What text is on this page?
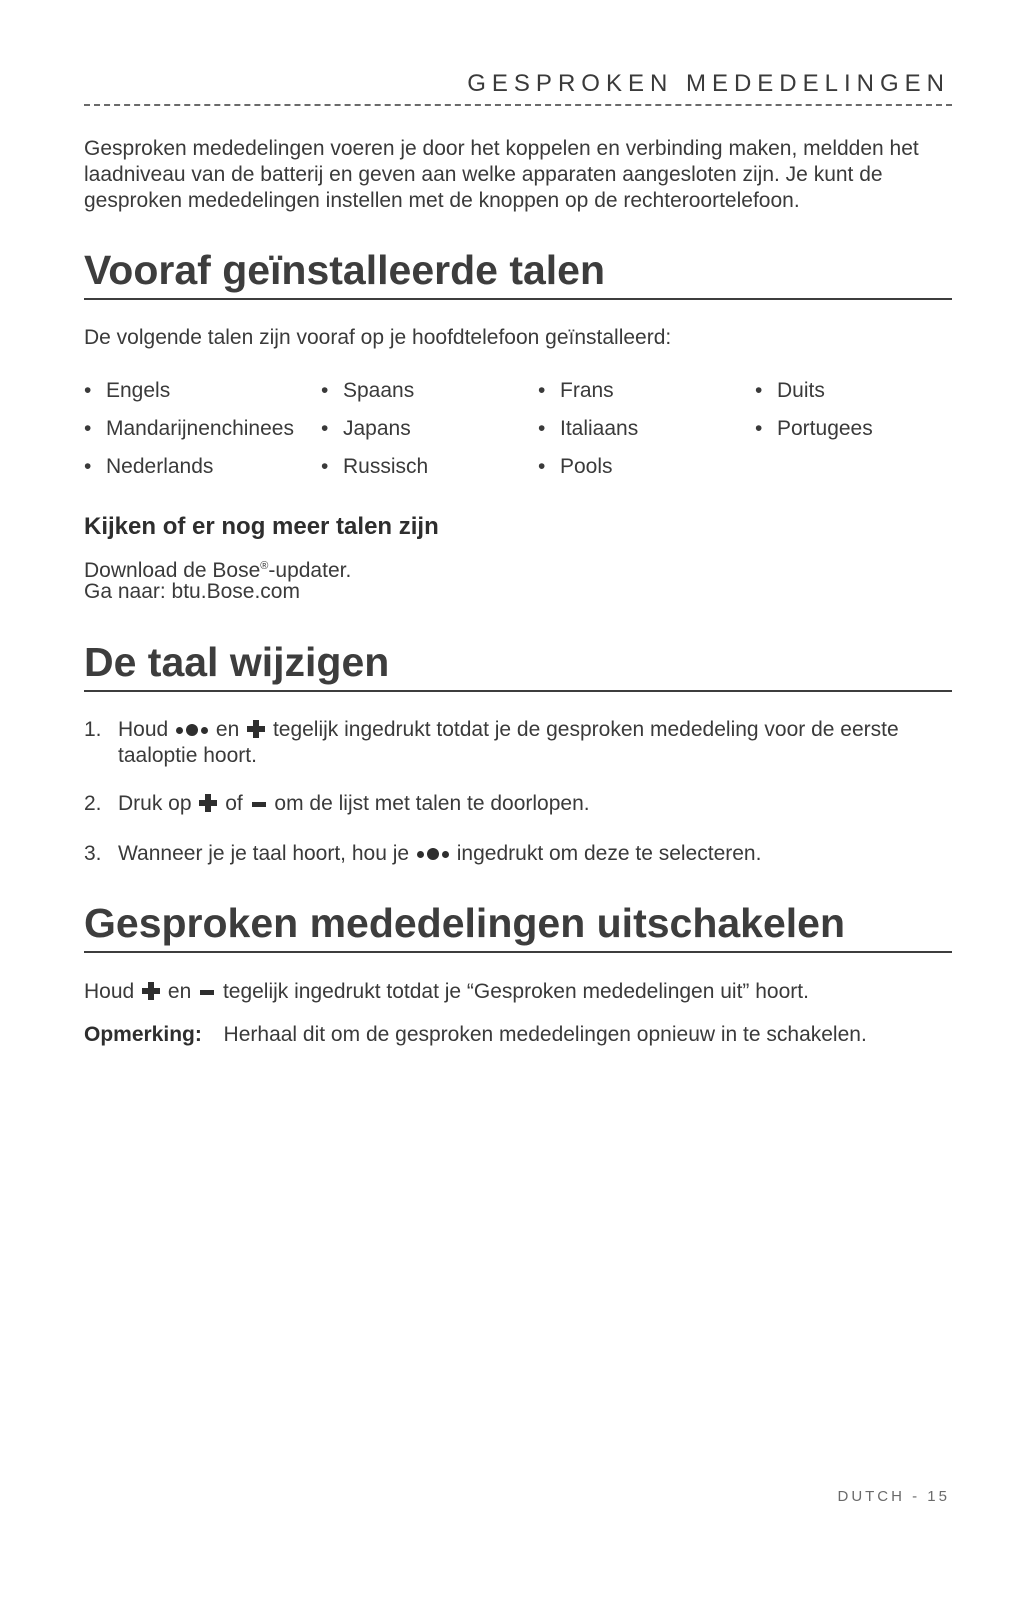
GESPROKEN MEDEDELINGEN
Gesproken mededelingen voeren je door het koppelen en verbinding maken, meldden het laadniveau van de batterij en geven aan welke apparaten aangesloten zijn. Je kunt de gesproken mededelingen instellen met de knoppen op de rechteroortelefoon.
Vooraf geïnstalleerde talen
De volgende talen zijn vooraf op je hoofdtelefoon geïnstalleerd:
• Engels
• Mandarijnenchinees
• Nederlands
• Spaans
• Japans
• Russisch
• Frans
• Italiaans
• Pools
• Duits
• Portugees
Kijken of er nog meer talen zijn
Download de Bose®-updater.
Ga naar: btu.Bose.com
De taal wijzigen
1. Houd en tegelijk ingedrukt totdat je de gesproken mededeling voor de eerste taaloptie hoort.
2. Druk op of om de lijst met talen te doorlopen.
3. Wanneer je je taal hoort, hou je ingedrukt om deze te selecteren.
Gesproken mededelingen uitschakelen
Houd en tegelijk ingedrukt totdat je “Gesproken mededelingen uit” hoort.
Opmerking: Herhaal dit om de gesproken mededelingen opnieuw in te schakelen.
DUTCH - 15
